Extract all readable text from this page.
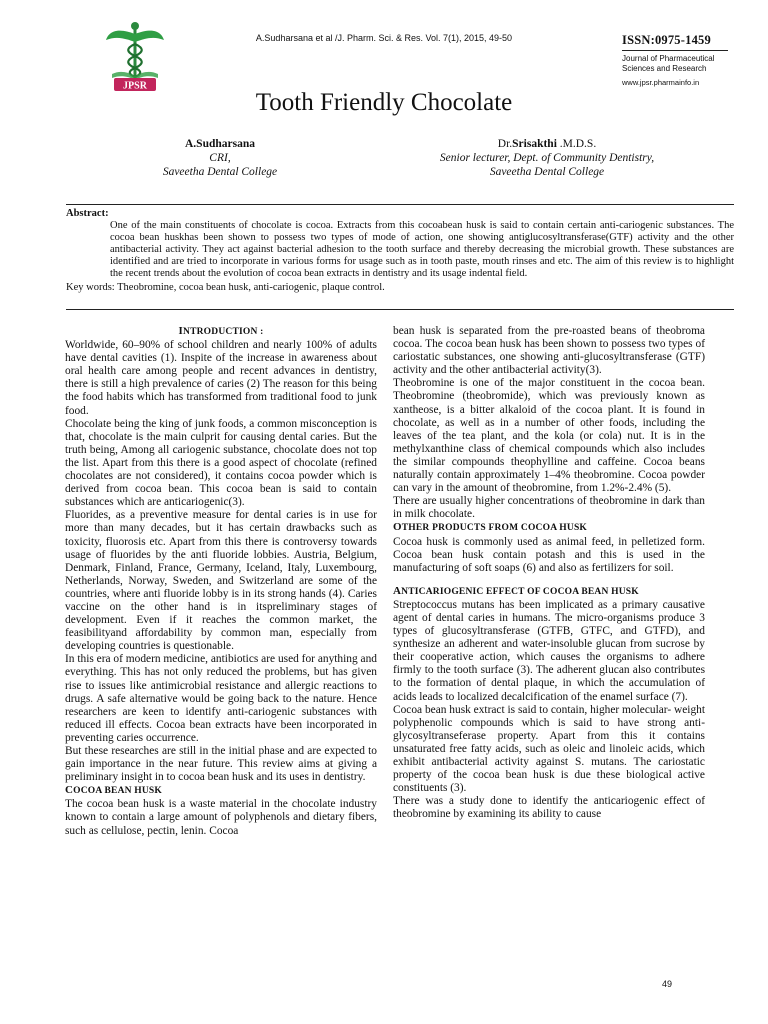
JPSR
A.Sudharsana et al /J. Pharm. Sci. & Res. Vol. 7(1), 2015, 49-50	ISSN:0975-1459
Journal of Pharmaceutical
Sciences and Research
www.jpsr.pharmainfo.in
Tooth Friendly Chocolate
A.Sudharsana
CRI,
Saveetha Dental College
Dr.Srisakthi .M.D.S.
Senior lecturer, Dept. of Community Dentistry,
Saveetha Dental College
Abstract:
One of the main constituents of chocolate is cocoa. Extracts from this cocoabean husk is said to contain certain anti-cariogenic substances. The cocoa bean huskhas been shown to possess two types of mode of action, one showing antiglucosyltransferase(GTF) activity and the other antibacterial activity. They act against bacterial adhesion to the tooth surface and thereby decreasing the microbial growth. These substances are identified and are tried to incorporate in various forms for usage such as in tooth paste, mouth rinses and etc. The aim of this review is to highlight the recent trends about the evolution of cocoa bean extracts in dentistry and its usage indental field.
Key words: Theobromine, cocoa bean husk, anti-cariogenic, plaque control.

INTRODUCTION :

Worldwide, 60–90% of school children and nearly 100% of adults have dental cavities (1). Inspite of the increase in awareness about oral health care among people and recent advances in dentistry, there is still a high prevalence of caries (2) The reason for this being the food habits which has transformed from traditional food to junk food.

Chocolate being the king of junk foods, a common misconception is that, chocolate is the main culprit for causing dental caries. But the truth being, Among all cariogenic substance, chocolate does not top the list. Apart from this there is a good aspect of chocolate (refined chocolates are not considered), it contains cocoa powder which is derived from cocoa bean. This cocoa bean is said to contain substances which are anticariogenic(3).

Fluorides, as a preventive measure for dental caries is in use for more than many decades, but it has certain drawbacks such as toxicity, fluorosis etc. Apart from this there is controversy towards usage of fluorides by the anti fluoride lobbies. Austria, Belgium, Denmark, Finland, France, Germany, Iceland, Italy, Luxembourg, Netherlands, Norway, Sweden, and Switzerland are some of the countries, where anti fluoride lobby is in its strong hands (4). Caries vaccine on the other hand is in itspreliminary stages of development. Even if it reaches the common market, the feasibilityand affordability by common man, especially from developing countries is questionable.

In this era of modern medicine, antibiotics are used for anything and everything. This has not only reduced the problems, but has given rise to issues like antimicrobial resistance and allergic reactions to drugs. A safe alternative would be going back to the nature. Hence researchers are keen to identify anti-cariogenic substances with reduced ill effects. Cocoa bean extracts have been incorporated in preventing caries occurrence.

But these researches are still in the initial phase and are expected to gain importance in the near future. This review aims at giving a preliminary insight in to cocoa bean husk and its uses in dentistry.

COCOA BEAN HUSK

The cocoa bean husk is a waste material in the chocolate industry known to contain a large amount of polyphenols and dietary fibers, such as cellulose, pectin, lenin. Cocoa

bean husk is separated from the pre-roasted beans of theobroma cocoa. The cocoa bean husk has been shown to possess two types of cariostatic substances, one showing anti-glucosyltransferase (GTF) activity and the other antibacterial activity(3).

Theobromine is one of the major constituent in the cocoa bean. Theobromine (theobromide), which was previously known as xantheose, is a bitter alkaloid of the cocoa plant. It is found in chocolate, as well as in a number of other foods, including the leaves of the tea plant, and the kola (or cola) nut. It is in the methylxanthine class of chemical compounds which also includes the similar compounds theophylline and caffeine. Cocoa beans naturally contain approximately 1–4% theobromine. Cocoa powder can vary in the amount of theobromine, from 1.2%-2.4% (5).

There are usually higher concentrations of theobromine in dark than in milk chocolate.

OTHER PRODUCTS FROM COCOA HUSK

Cocoa husk is commonly used as animal feed, in pelletized form. Cocoa bean husk contain potash and this is used in the manufacturing of soft soaps (6) and also as fertilizers for soil.

ANTICARIOGENIC EFFECT OF COCOA BEAN HUSK

Streptococcus mutans has been implicated as a primary causative agent of dental caries in humans. The micro-organisms produce 3 types of glucosyltransferase (GTFB, GTFC, and GTFD), and synthesize an adherent and water-insoluble glucan from sucrose by their cooperative action, which causes the organisms to adhere firmly to the tooth surface (3). The adherent glucan also contributes to the formation of dental plaque, in which the accumulation of acids leads to localized decalcification of the enamel surface (7).

Cocoa bean husk extract is said to contain, higher molecular- weight polyphenolic compounds which is said to have strong anti-glycosyltranseferase property. Apart from this it contains unsaturated free fatty acids, such as oleic and linoleic acids, which exhibit antibacterial activity against S. mutans. The cariostatic property of the cocoa bean husk is due these biological active constituents (3).

There was a study done to identify the anticariogenic effect of theobromine by examining its ability to cause

49
